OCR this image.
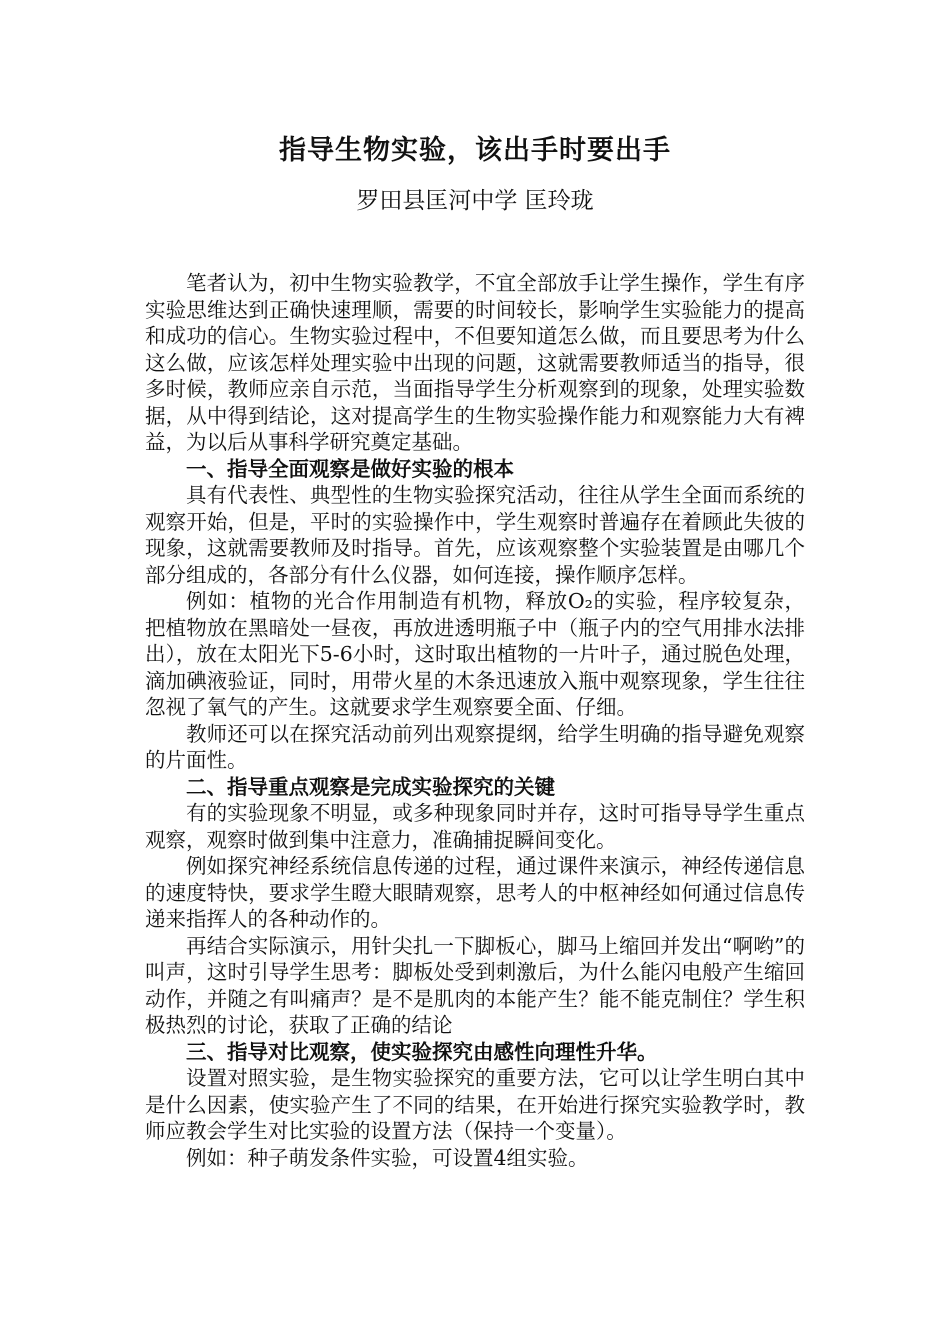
指导生物实验，该出手时要出手
罗田县匡河中学 匡玲珑

笔者认为，初中生物实验教学，不宜全部放手让学生操作，学生有序实验思维达到正确快速理顺，需要的时间较长，影响学生实验能力的提高和成功的信心。生物实验过程中，不但要知道怎么做，而且要思考为什么这么做，应该怎样处理实验中出现的问题，这就需要教师适当的指导，很多时候，教师应亲自示范，当面指导学生分析观察到的现象，处理实验数据，从中得到结论，这对提高学生的生物实验操作能力和观察能力大有裨益，为以后从事科学研究奠定基础。

一、指导全面观察是做好实验的根本

具有代表性、典型性的生物实验探究活动，往往从学生全面而系统的观察开始，但是，平时的实验操作中，学生观察时普遍存在着顾此失彼的现象，这就需要教师及时指导。首先，应该观察整个实验装置是由哪几个部分组成的，各部分有什么仪器，如何连接，操作顺序怎样。

例如：植物的光合作用制造有机物，释放O₂的实验，程序较复杂，把植物放在黑暗处一昼夜，再放进透明瓶子中（瓶子内的空气用排水法排出），放在太阳光下5-6小时，这时取出植物的一片叶子，通过脱色处理，滴加碘液验证，同时，用带火星的木条迅速放入瓶中观察现象，学生往往忽视了氧气的产生。这就要求学生观察要全面、仔细。

教师还可以在探究活动前列出观察提纲，给学生明确的指导避免观察的片面性。

二、指导重点观察是完成实验探究的关键

有的实验现象不明显，或多种现象同时并存，这时可指导导学生重点观察，观察时做到集中注意力，准确捕捉瞬间变化。

例如探究神经系统信息传递的过程，通过课件来演示，神经传递信息的速度特快，要求学生瞪大眼睛观察，思考人的中枢神经如何通过信息传递来指挥人的各种动作的。

再结合实际演示，用针尖扎一下脚板心，脚马上缩回并发出“啊哟”的叫声，这时引导学生思考：脚板处受到刺激后，为什么能闪电般产生缩回动作，并随之有叫痛声？是不是肌肉的本能产生？能不能克制住？学生积极热烈的讨论，获取了正确的结论

三、指导对比观察，使实验探究由感性向理性升华。

设置对照实验，是生物实验探究的重要方法，它可以让学生明白其中是什么因素，使实验产生了不同的结果，在开始进行探究实验教学时，教师应教会学生对比实验的设置方法（保持一个变量）。

例如：种子萌发条件实验，可设置4组实验。
